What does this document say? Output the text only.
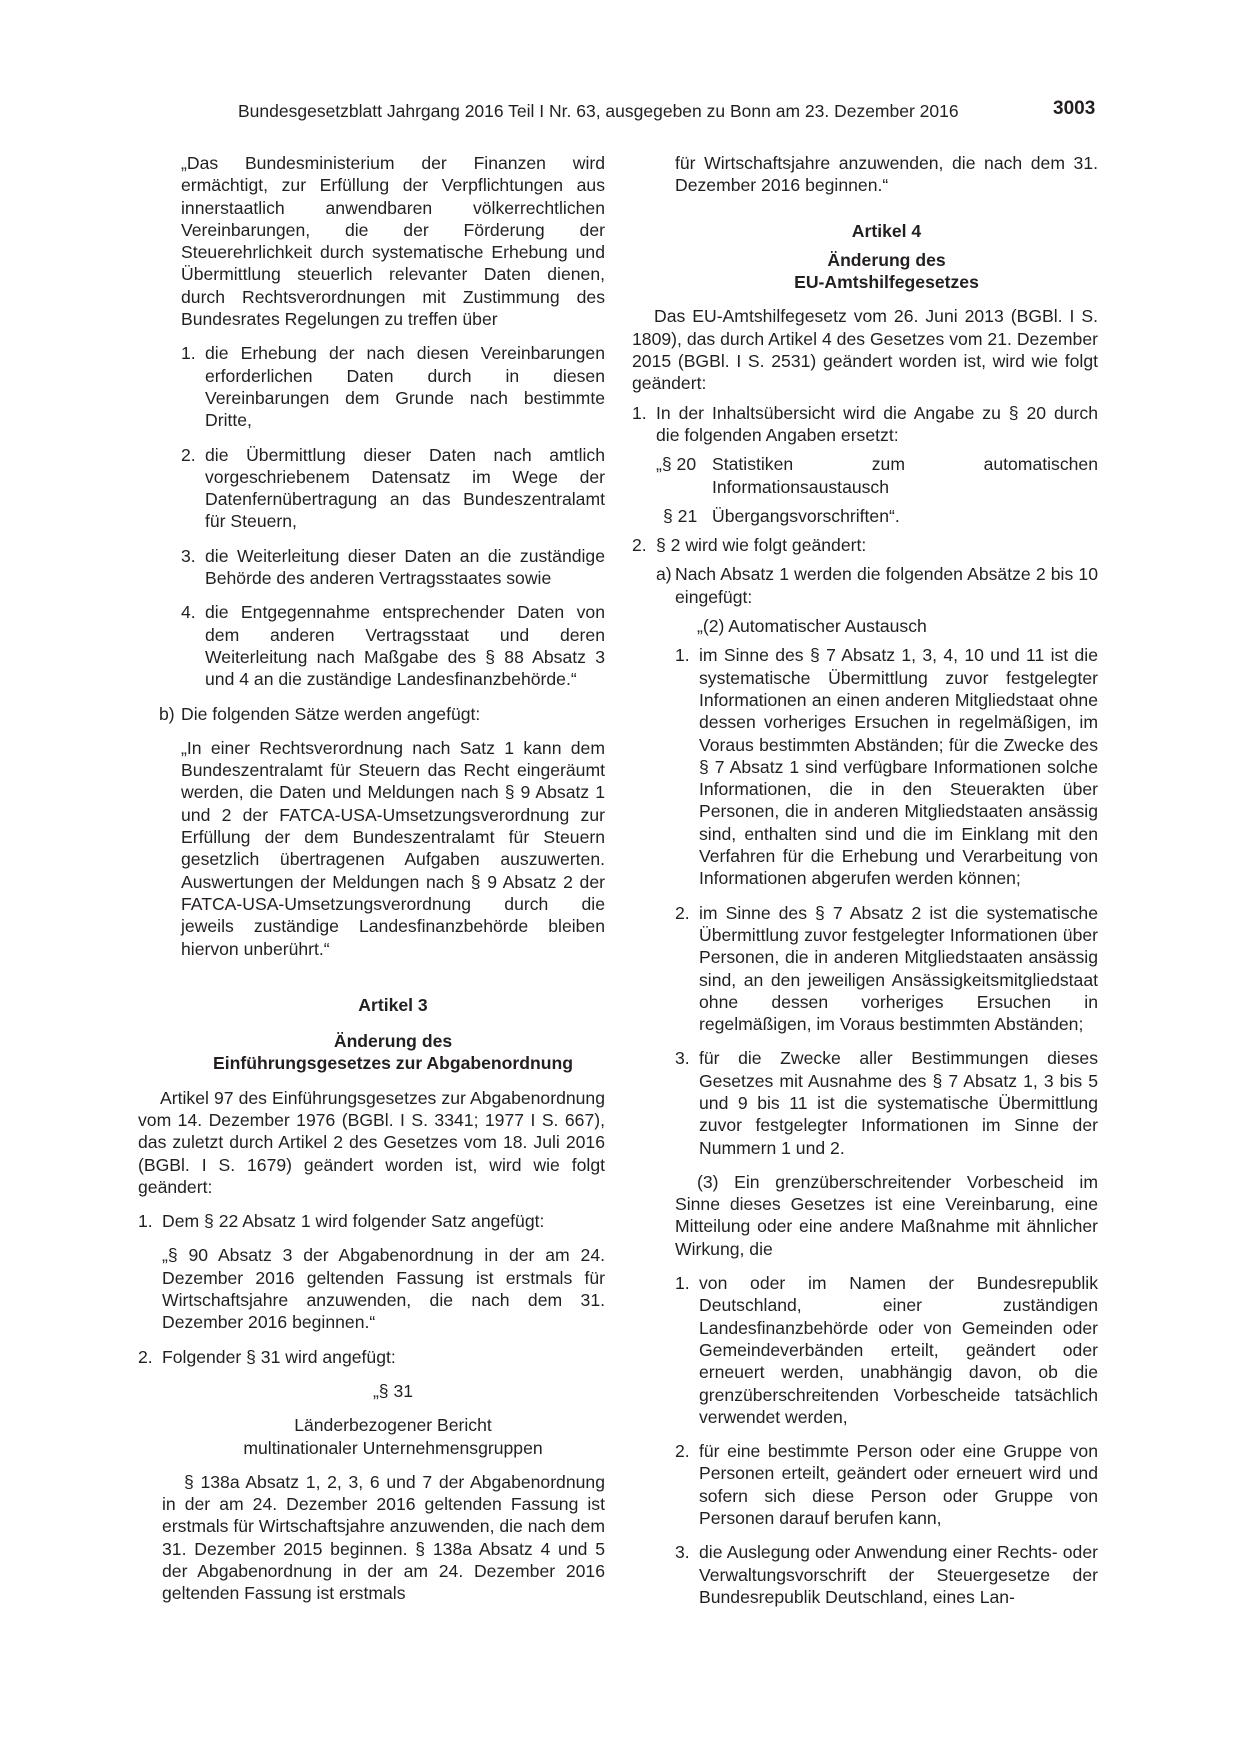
Bundesgesetzblatt Jahrgang 2016 Teil I Nr. 63, ausgegeben zu Bonn am 23. Dezember 2016	3003

„Das Bundesministerium der Finanzen wird ermächtigt, zur Erfüllung der Verpflichtungen aus innerstaatlich anwendbaren völkerrechtlichen Vereinbarungen, die der Förderung der Steuerehrlichkeit durch systematische Erhebung und Übermittlung steuerlich relevanter Daten dienen, durch Rechtsverordnungen mit Zustimmung des Bundesrates Regelungen zu treffen über

1. die Erhebung der nach diesen Vereinbarungen erforderlichen Daten durch in diesen Vereinbarungen dem Grunde nach bestimmte Dritte,
2. die Übermittlung dieser Daten nach amtlich vorgeschriebenem Datensatz im Wege der Datenfernübertragung an das Bundeszentralamt für Steuern,
3. die Weiterleitung dieser Daten an die zuständige Behörde des anderen Vertragsstaates sowie
4. die Entgegennahme entsprechender Daten von dem anderen Vertragsstaat und deren Weiterleitung nach Maßgabe des § 88 Absatz 3 und 4 an die zuständige Landesfinanzbehörde.“
b) Die folgenden Sätze werden angefügt:

„In einer Rechtsverordnung nach Satz 1 kann dem Bundeszentralamt für Steuern das Recht eingeräumt werden, die Daten und Meldungen nach § 9 Absatz 1 und 2 der FATCA-USA-Umsetzungsverordnung zur Erfüllung der dem Bundeszentralamt für Steuern gesetzlich übertragenen Aufgaben auszuwerten. Auswertungen der Meldungen nach § 9 Absatz 2 der FATCA-USA-Umsetzungsverordnung durch die jeweils zuständige Landesfinanzbehörde bleiben hiervon unberührt.“

Artikel 3

Änderung des

Einführungsgesetzes zur Abgabenordnung

Artikel 97 des Einführungsgesetzes zur Abgabenordnung vom 14. Dezember 1976 (BGBl. I S. 3341; 1977 I S. 667), das zuletzt durch Artikel 2 des Gesetzes vom 18. Juli 2016 (BGBl. I S. 1679) geändert worden ist, wird wie folgt geändert:

1. Dem § 22 Absatz 1 wird folgender Satz angefügt:

„§ 90 Absatz 3 der Abgabenordnung in der am 24. Dezember 2016 geltenden Fassung ist erstmals für Wirtschaftsjahre anzuwenden, die nach dem 31. Dezember 2016 beginnen.“

2. Folgender § 31 wird angefügt:

„§ 31

Länderbezogener Bericht

multinationaler Unternehmensgruppen

§ 138a Absatz 1, 2, 3, 6 und 7 der Abgabenordnung in der am 24. Dezember 2016 geltenden Fassung ist erstmals für Wirtschaftsjahre anzuwenden, die nach dem 31. Dezember 2015 beginnen. § 138a Absatz 4 und 5 der Abgabenordnung in der am 24. Dezember 2016 geltenden Fassung ist erstmals

für Wirtschaftsjahre anzuwenden, die nach dem 31. Dezember 2016 beginnen.“

Artikel 4

Änderung des

EU-Amtshilfegesetzes

Das EU-Amtshilfegesetz vom 26. Juni 2013 (BGBl. I S. 1809), das durch Artikel 4 des Gesetzes vom 21. Dezember 2015 (BGBl. I S. 2531) geändert worden ist, wird wie folgt geändert:

1. In der Inhaltsübersicht wird die Angabe zu § 20 durch die folgenden Angaben ersetzt:
„§ 20 Statistiken zum automatischen Informationsaustausch
§ 21 Übergangsvorschriften“.
2. § 2 wird wie folgt geändert:
a) Nach Absatz 1 werden die folgenden Absätze 2 bis 10 eingefügt:

„(2) Automatischer Austausch

1. im Sinne des § 7 Absatz 1, 3, 4, 10 und 11 ist die systematische Übermittlung zuvor festgelegter Informationen an einen anderen Mitgliedstaat ohne dessen vorheriges Ersuchen in regelmäßigen, im Voraus bestimmten Abständen; für die Zwecke des § 7 Absatz 1 sind verfügbare Informationen solche Informationen, die in den Steuerakten über Personen, die in anderen Mitgliedstaaten ansässig sind, enthalten sind und die im Einklang mit den Verfahren für die Erhebung und Verarbeitung von Informationen abgerufen werden können;
2. im Sinne des § 7 Absatz 2 ist die systematische Übermittlung zuvor festgelegter Informationen über Personen, die in anderen Mitgliedstaaten ansässig sind, an den jeweiligen Ansässigkeitsmitgliedstaat ohne dessen vorheriges Ersuchen in regelmäßigen, im Voraus bestimmten Abständen;
3. für die Zwecke aller Bestimmungen dieses Gesetzes mit Ausnahme des § 7 Absatz 1, 3 bis 5 und 9 bis 11 ist die systematische Übermittlung zuvor festgelegter Informationen im Sinne der Nummern 1 und 2.

(3) Ein grenzüberschreitender Vorbescheid im Sinne dieses Gesetzes ist eine Vereinbarung, eine Mitteilung oder eine andere Maßnahme mit ähnlicher Wirkung, die

1. von oder im Namen der Bundesrepublik Deutschland, einer zuständigen Landesfinanzbehörde oder von Gemeinden oder Gemeindeverbänden erteilt, geändert oder erneuert werden, unabhängig davon, ob die grenzüberschreitenden Vorbescheide tatsächlich verwendet werden,
2. für eine bestimmte Person oder eine Gruppe von Personen erteilt, geändert oder erneuert wird und sofern sich diese Person oder Gruppe von Personen darauf berufen kann,
3. die Auslegung oder Anwendung einer Rechts- oder Verwaltungsvorschrift der Steuergesetze der Bundesrepublik Deutschland, eines Lan-
